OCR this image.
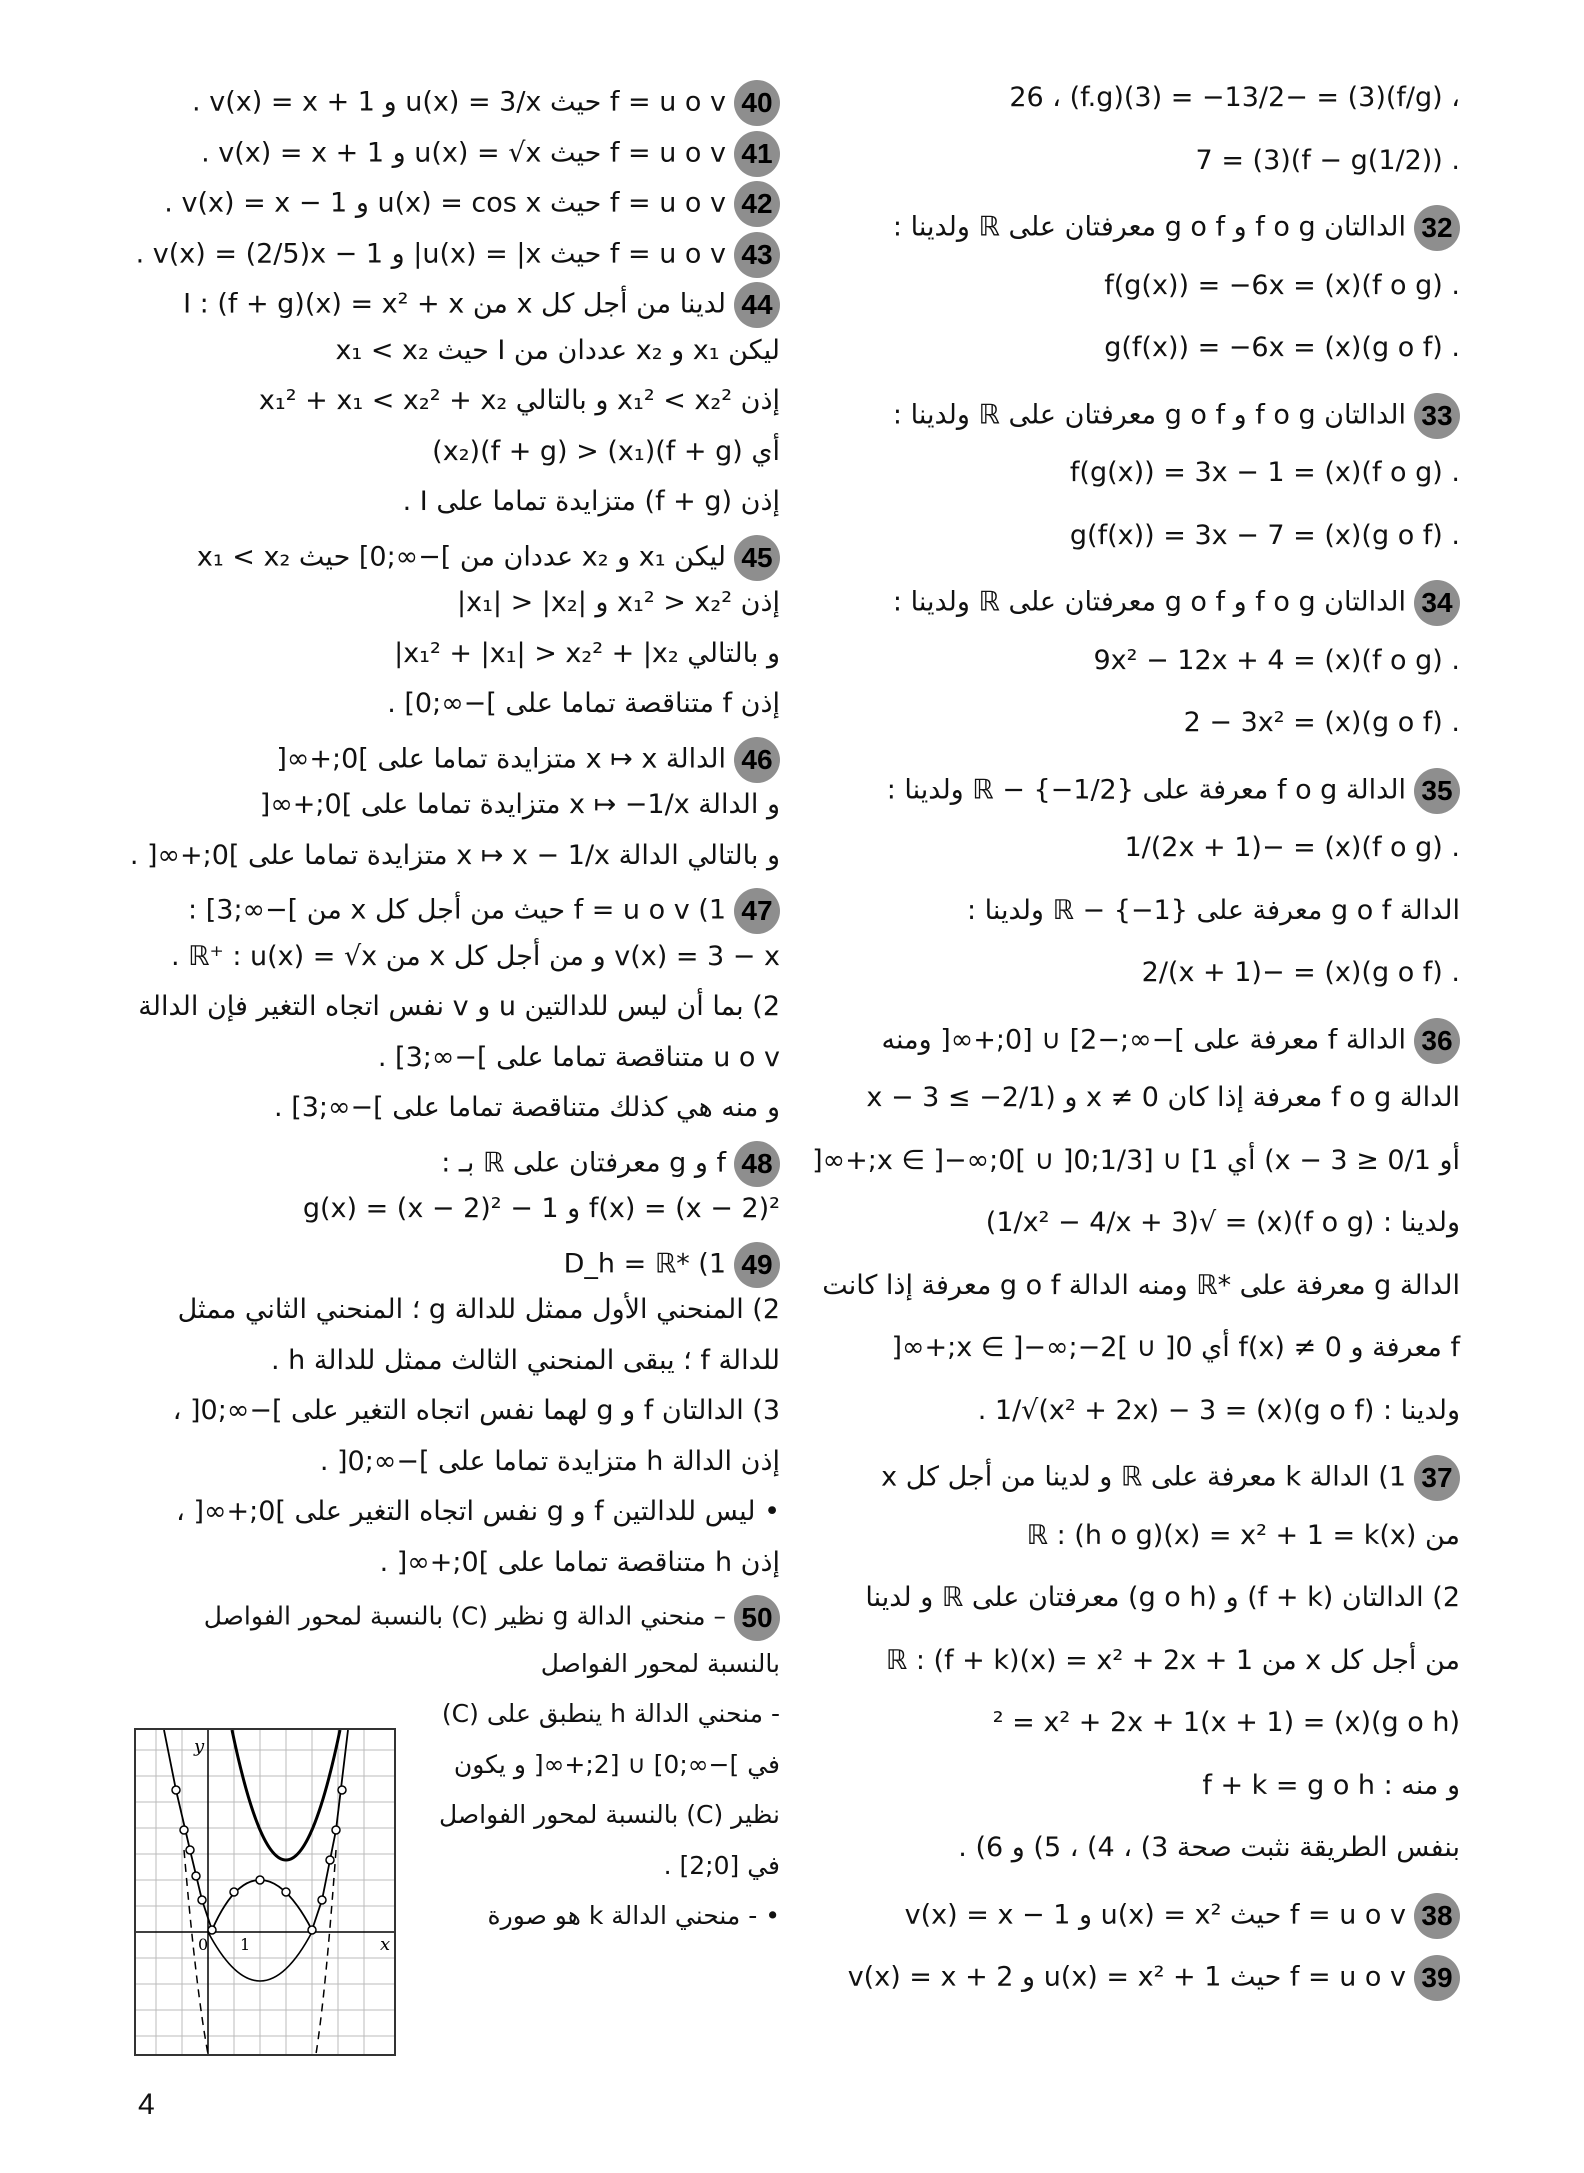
، (f/g)(3) = −26 ، (f.g)(3) = −13/2
. ((1/2)f − g)(3) = 7
32الدالتان f o g و g o f معرفتان على ℝ ولدينا :
. (f o g)(x) = f(g(x)) = −6x
. (g o f)(x) = g(f(x)) = −6x
33الدالتان f o g و g o f معرفتان على ℝ ولدينا :
. (f o g)(x) = f(g(x)) = 3x − 1
. (g o f)(x) = g(f(x)) = 3x − 7
34الدالتان f o g و g o f معرفتان على ℝ ولدينا :
. (f o g)(x) = 9x² − 12x + 4
. (g o f)(x) = 2 − 3x²
35الدالة f o g معرفة على ℝ − {−1/2} ولدينا :
. (f o g)(x) = −1/(2x + 1)
الدالة g o f معرفة على ℝ − {−1} ولدينا :
. (g o f)(x) = −2/(x + 1)
36الدالة f معرفة على ]−∞;−2] ∪ [0;+∞[ ومنه
الدالة f o g معرفة إذا كان x ≠ 0 و (1/x − 3 ≤ −2
أو 1/x − 3 ≥ 0) أي x ∈ ]−∞;0[ ∪ ]0;1/3] ∪ [1;+∞[
ولدينا : (f o g)(x) = √(1/x² − 4/x + 3)
الدالة g معرفة على *ℝ ومنه الدالة g o f معرفة إذا كانت
f معرفة و f(x) ≠ 0 أي x ∈ ]−∞;−2[ ∪ ]0;+∞[
ولدينا : (g o f)(x) = 1/√(x² + 2x) − 3 .
371) الدالة k معرفة على ℝ و لدينا من أجل كل x
من ℝ : (h o g)(x) = x² + 1 = k(x)
2) الدالتان (f + k) و (g o h) معرفتان على ℝ و لدينا
من أجل كل x من ℝ : (f + k)(x) = x² + 2x + 1
(g o h)(x) = (x + 1)² = x² + 2x + 1
و منه : f + k = g o h
بنفس الطريقة نثبت صحة 3) ، 4) ، 5) و 6) .
38f = u o v حيث u(x) = x² و v(x) = x − 1
39f = u o v حيث u(x) = x² + 1 و v(x) = x + 2
40f = u o v حيث u(x) = 3/x و v(x) = x + 1 .
41f = u o v حيث u(x) = √x و v(x) = x + 1 .
42f = u o v حيث u(x) = cos x و v(x) = x − 1 .
43f = u o v حيث u(x) = |x| و v(x) = (2/5)x − 1 .
44لدينا من أجل كل x من I : (f + g)(x) = x² + x
ليكن x₁ و x₂ عددان من I حيث x₁ < x₂
إذن x₁² < x₂² و بالتالي x₁² + x₁ < x₂² + x₂
أي (f + g)(x₁) < (f + g)(x₂)
إذن (f + g) متزايدة تماما على I .
45ليكن x₁ و x₂ عددان من ]−∞;0] حيث x₁ < x₂
إذن x₁² > x₂² و |x₁| > |x₂|
و بالتالي x₁² + |x₁| > x₂² + |x₂|
إذن f متناقصة تماما على ]−∞;0] .
46الدالة x ↦ x متزايدة تماما على ]0;+∞[
و الدالة x ↦ −1/x متزايدة تماما على ]0;+∞[
و بالتالي الدالة x ↦ x − 1/x متزايدة تماما على ]0;+∞[ .
471) f = u o v حيث من أجل كل x من ]−∞;3] :
v(x) = 3 − x و من أجل كل x من ℝ⁺ : u(x) = √x .
2) بما أن ليس للدالتين u و v نفس اتجاه التغير فإن الدالة
u o v متناقصة تماما على ]−∞;3] .
و منه هي كذلك متناقصة تماما على ]−∞;3] .
48f و g معرفتان على ℝ بـ :
f(x) = (x − 2)² و g(x) = (x − 2)² − 1
49D_h = ℝ* (1
2) المنحني الأول ممثل للدالة g ؛ المنحني الثاني ممثل
للدالة f ؛ يبقى المنحني الثالث ممثل للدالة h .
3) الدالتان f و g لهما نفس اتجاه التغير على ]−∞;0[ ،
إذن الدالة h متزايدة تماما على ]−∞;0[ .
• ليس للدالتين f و g نفس اتجاه التغير على ]0;+∞[ ،
إذن h متناقصة تماما على ]0;+∞[ .
50– منحني الدالة g نظير (C) بالنسبة لمحور الفواصل
بالنسبة لمحور الفواصل
- منحني الدالة h ينطبق على (C)
في ]−∞;0] ∪ [2;+∞[ و يكون
نظير (C) بالنسبة لمحور الفواصل
في [0;2] .
• - منحني الدالة k هو صورة
y
x
0 1
4
